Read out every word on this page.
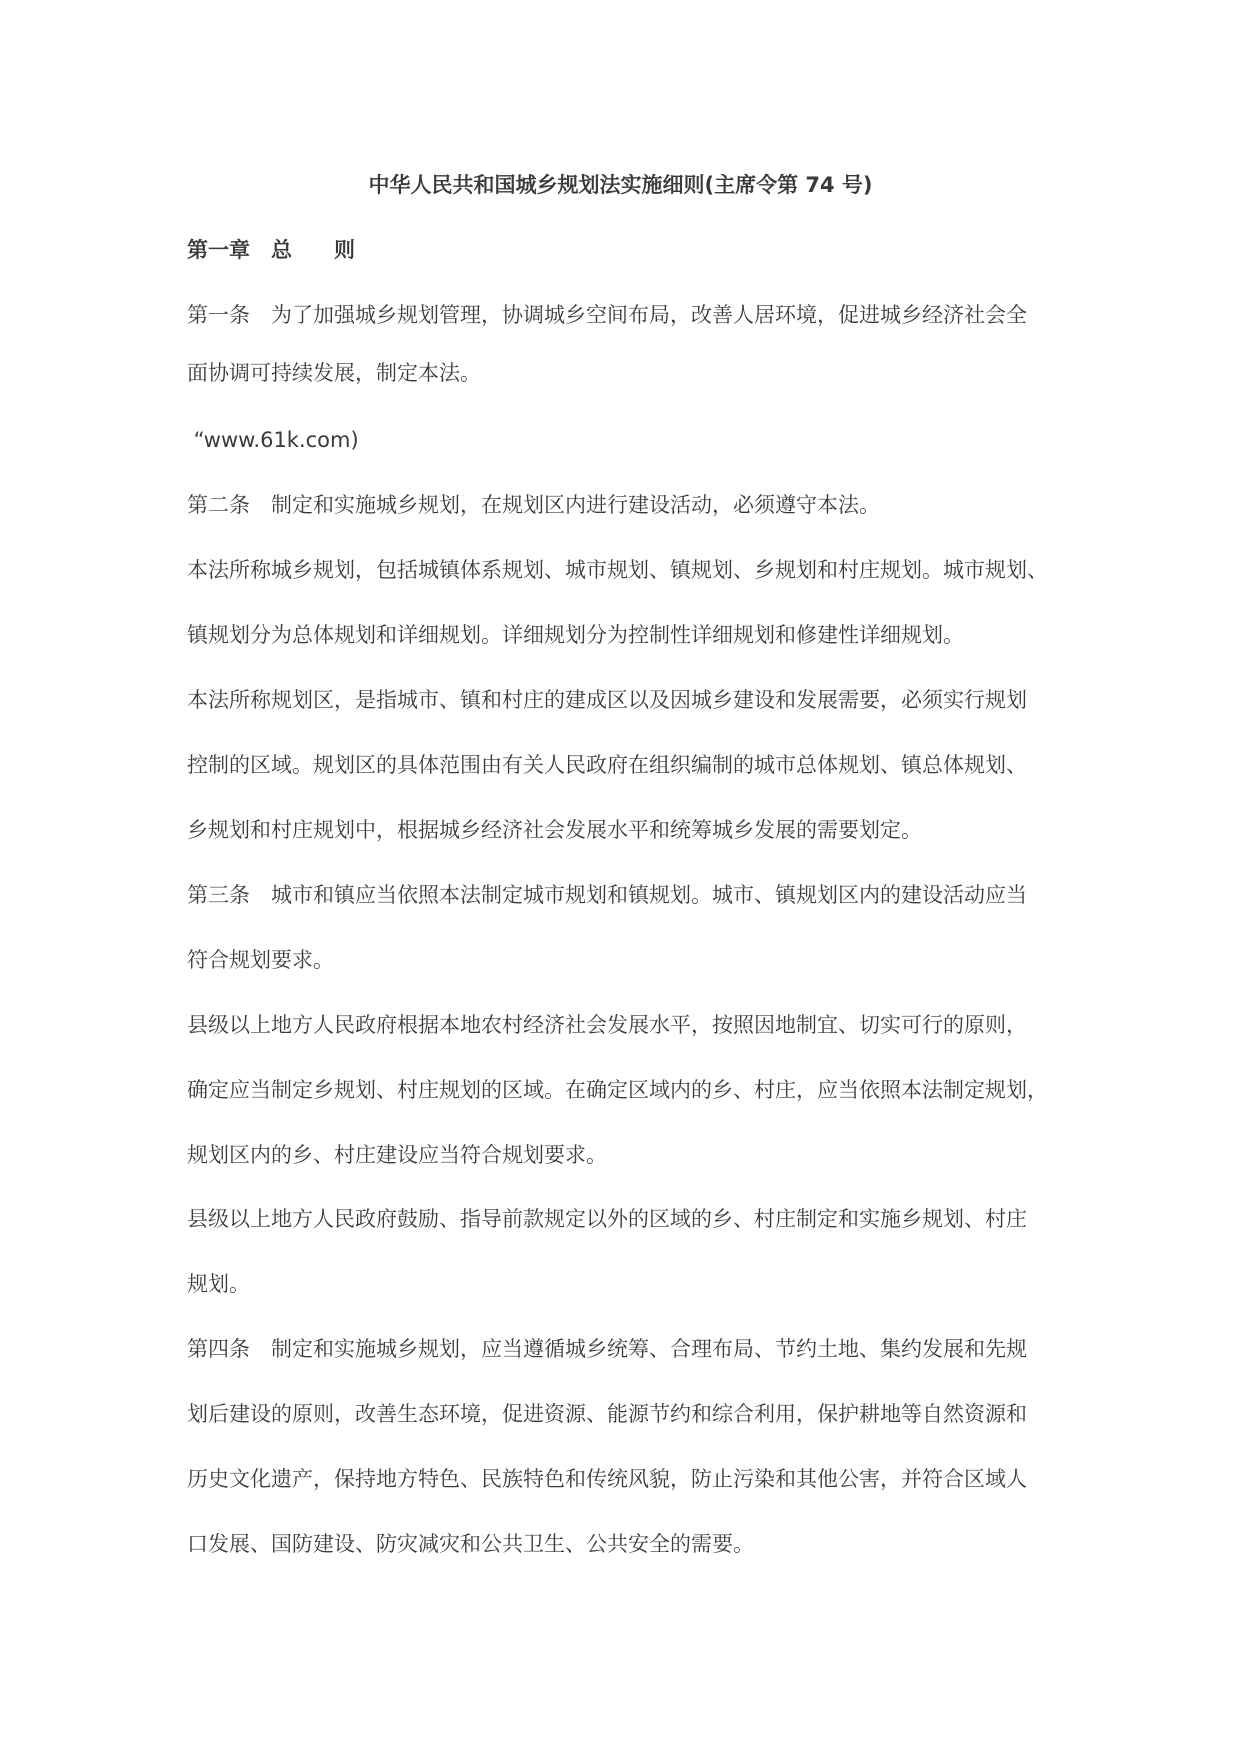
中华人民共和国城乡规划法实施细则(主席令第 74 号)
第一章　总　　则
第一条　为了加强城乡规划管理，协调城乡空间布局，改善人居环境，促进城乡经济社会全
面协调可持续发展，制定本法。
“www.61k.com)
第二条　制定和实施城乡规划，在规划区内进行建设活动，必须遵守本法。
本法所称城乡规划，包括城镇体系规划、城市规划、镇规划、乡规划和村庄规划。城市规划、
镇规划分为总体规划和详细规划。详细规划分为控制性详细规划和修建性详细规划。
本法所称规划区，是指城市、镇和村庄的建成区以及因城乡建设和发展需要，必须实行规划
控制的区域。规划区的具体范围由有关人民政府在组织编制的城市总体规划、镇总体规划、
乡规划和村庄规划中，根据城乡经济社会发展水平和统筹城乡发展的需要划定。
第三条　城市和镇应当依照本法制定城市规划和镇规划。城市、镇规划区内的建设活动应当
符合规划要求。
县级以上地方人民政府根据本地农村经济社会发展水平，按照因地制宜、切实可行的原则，
确定应当制定乡规划、村庄规划的区域。在确定区域内的乡、村庄，应当依照本法制定规划，
规划区内的乡、村庄建设应当符合规划要求。
县级以上地方人民政府鼓励、指导前款规定以外的区域的乡、村庄制定和实施乡规划、村庄
规划。
第四条　制定和实施城乡规划，应当遵循城乡统筹、合理布局、节约土地、集约发展和先规
划后建设的原则，改善生态环境，促进资源、能源节约和综合利用，保护耕地等自然资源和
历史文化遗产，保持地方特色、民族特色和传统风貌，防止污染和其他公害，并符合区域人
口发展、国防建设、防灾减灾和公共卫生、公共安全的需要。
